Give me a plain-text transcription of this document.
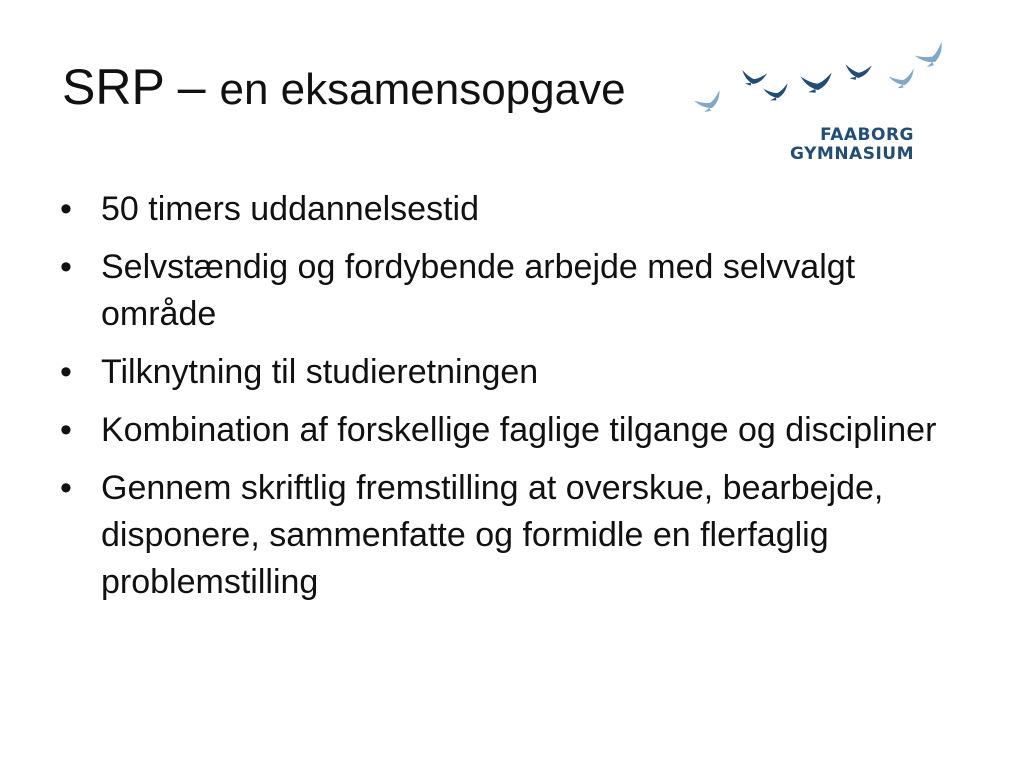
SRP – en eksamensopgave
FAABORG
GYMNASIUM
• 50 timers uddannelsestid
• Selvstændig og fordybende arbejde med selvvalgt område
• Tilknytning til studieretningen
• Kombination af forskellige faglige tilgange og discipliner
• Gennem skriftlig fremstilling at overskue, bearbejde, disponere, sammenfatte og formidle en flerfaglig problemstilling
